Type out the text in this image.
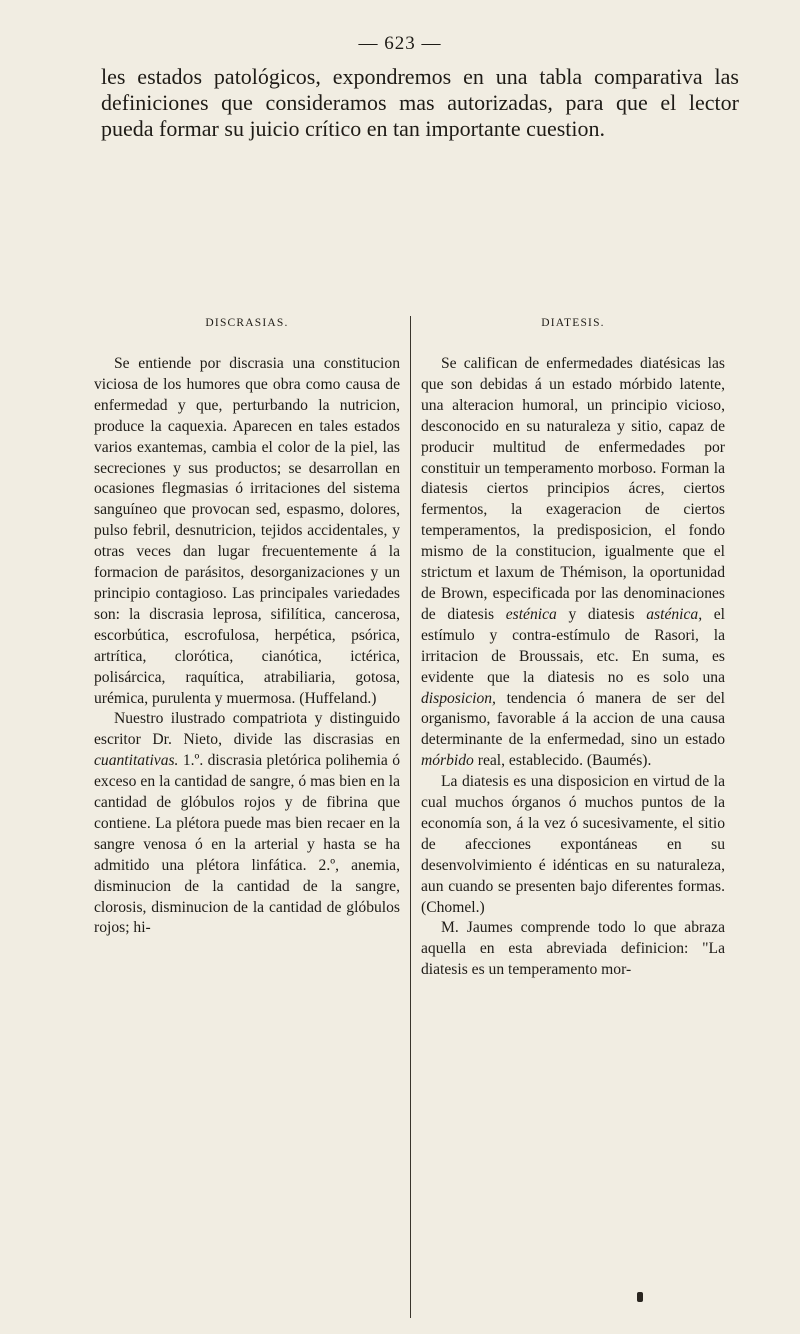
— 623 —

les estados patológicos, expondremos en una tabla comparativa las definiciones que consideramos mas autorizadas, para que el lector pueda formar su juicio crítico en tan importante cuestion.

DISCRASIAS.

Se entiende por discrasia una constitucion viciosa de los humores que obra como causa de enfermedad y que, perturbando la nutricion, produce la caquexia. Aparecen en tales estados varios exantemas, cambia el color de la piel, las secreciones y sus productos; se desarrollan en ocasiones flegmasias ó irritaciones del sistema sanguíneo que provocan sed, espasmo, dolores, pulso febril, desnutricion, tejidos accidentales, y otras veces dan lugar frecuentemente á la formacion de parásitos, desorganizaciones y un principio contagioso. Las principales variedades son: la discrasia leprosa, sifilítica, cancerosa, escorbútica, escrofulosa, herpética, psórica, artrítica, clorótica, cianótica, ictérica, polisárcica, raquítica, atrabiliaria, gotosa, urémica, purulenta y muermosa. (Huffeland.)

Nuestro ilustrado compatriota y distinguido escritor Dr. Nieto, divide las discrasias en cuantitativas. 1.º. discrasia pletórica polihemia ó exceso en la cantidad de sangre, ó mas bien en la cantidad de glóbulos rojos y de fibrina que contiene. La plétora puede mas bien recaer en la sangre venosa ó en la arterial y hasta se ha admitido una plétora linfática. 2.º, anemia, disminucion de la cantidad de la sangre, clorosis, disminucion de la cantidad de glóbulos rojos; hi-

DIATESIS.

Se califican de enfermedades diatésicas las que son debidas á un estado mórbido latente, una alteracion humoral, un principio vicioso, desconocido en su naturaleza y sitio, capaz de producir multitud de enfermedades por constituir un temperamento morboso. Forman la diatesis ciertos principios ácres, ciertos fermentos, la exageracion de ciertos temperamentos, la predisposicion, el fondo mismo de la constitucion, igualmente que el strictum et laxum de Thémison, la oportunidad de Brown, especificada por las denominaciones de diatesis esténica y diatesis asténica, el estímulo y contra-estímulo de Rasori, la irritacion de Broussais, etc. En suma, es evidente que la diatesis no es solo una disposicion, tendencia ó manera de ser del organismo, favorable á la accion de una causa determinante de la enfermedad, sino un estado mórbido real, establecido. (Baumés).

La diatesis es una disposicion en virtud de la cual muchos órganos ó muchos puntos de la economía son, á la vez ó sucesivamente, el sitio de afecciones expontáneas en su desenvolvimiento é idénticas en su naturaleza, aun cuando se presenten bajo diferentes formas. (Chomel.)

M. Jaumes comprende todo lo que abraza aquella en esta abreviada definicion: "La diatesis es un temperamento mor-
